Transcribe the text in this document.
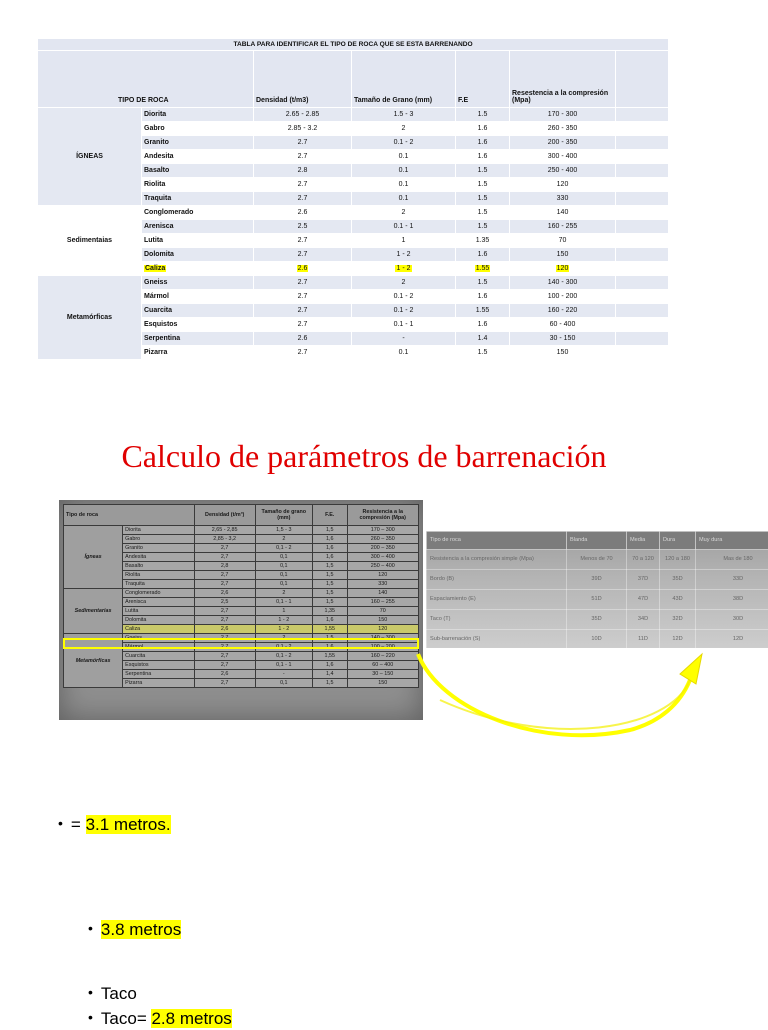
TABLA PARA IDENTIFICAR EL TIPO DE ROCA QUE SE ESTA BARRENANDO						
TIPO DE ROCA		Densidad (t/m3)	Tamaño de Grano (mm)	F.E	Resestencia a la compresión (Mpa)	
ÍGNEAS	Diorita	2.65 - 2.85	1.5 - 3	1.5	170 - 300	
	Gabro	2.85 - 3.2	2	1.6	260 - 350	
	Granito	2.7	0.1 - 2	1.6	200 - 350	
	Andesita	2.7	0.1	1.6	300 - 400	
	Basalto	2.8	0.1	1.5	250 - 400	
	Riolita	2.7	0.1	1.5	120	
	Traquita	2.7	0.1	1.5	330	
Sedimentaias	Conglomerado	2.6	2	1.5	140	
	Areniscа	2.5	0.1 - 1	1.5	160 - 255	
	Lutita	2.7	1	1.35	70	
	Dolomita	2.7	1 - 2	1.6	150	
	Caliza	2.6	1 - 2	1.55	120	
Metamórficas	Gneiss	2.7	2	1.5	140 - 300	
	Mármol	2.7	0.1 - 2	1.6	100 - 200	
	Cuarcita	2.7	0.1 - 2	1.55	160 - 220	
	Esquistos	2.7	0.1 - 1	1.6	60 - 400	
	Serpentina	2.6	-	1.4	30 - 150	
	Pizarra	2.7	0.1	1.5	150	
Calculo de parámetros de barrenación
Tipo de roca		Densidad (t/m³)	Tamaño de grano (mm)	F.E.	Resistencia a la compresión (Mpa)
Ígneas	Diorita	2,65 - 2,85	1,5 - 3	1,5	170 – 300
	Gabro	2,85 - 3,2	2	1,6	260 – 350
	Granito	2,7	0,1 - 2	1,6	200 – 350
	Andesita	2,7	0,1	1,6	300 – 400
	Basalto	2,8	0,1	1,5	250 – 400
	Riolita	2,7	0,1	1,5	120
	Traquita	2,7	0,1	1,5	330
Sedimentarias	Conglomerado	2,6	2	1,5	140
	Arenisca	2,5	0,1 - 1	1,5	160 – 255
	Lutita	2,7	1	1,35	70
	Dolomita	2,7	1 - 2	1,6	150
	Caliza	2,6	1 - 2	1,55	120
Metamórficas	Gneiss	2,7	2	1,5	140 – 300
	Mármol	2,7	0,1 - 2	1,6	100 – 200
	Cuarcita	2,7	0,1 - 2	1,55	160 – 220
	Esquistos	2,7	0,1 - 1	1,6	60 – 400
	Serpentina	2,6	-	1,4	30 – 150
	Pizarra	2,7	0,1	1,5	150
Tipo de roca	Blanda	Media	Dura	Muy dura
Resistencia a la compresión simple (Mpa)	Menos de 70	70 a 120	120 a 180	Mas de 180
Bordo (B)	39D	37D	35D	33D
Espaciamiento (E)	51D	47D	43D	38D
Taco (T)	35D	34D	32D	30D
Sub-barrenación (S)	10D	11D	12D	12D
• = 3.1 metros.
• 3.8 metros
• Taco
• Taco= 2.8 metros
